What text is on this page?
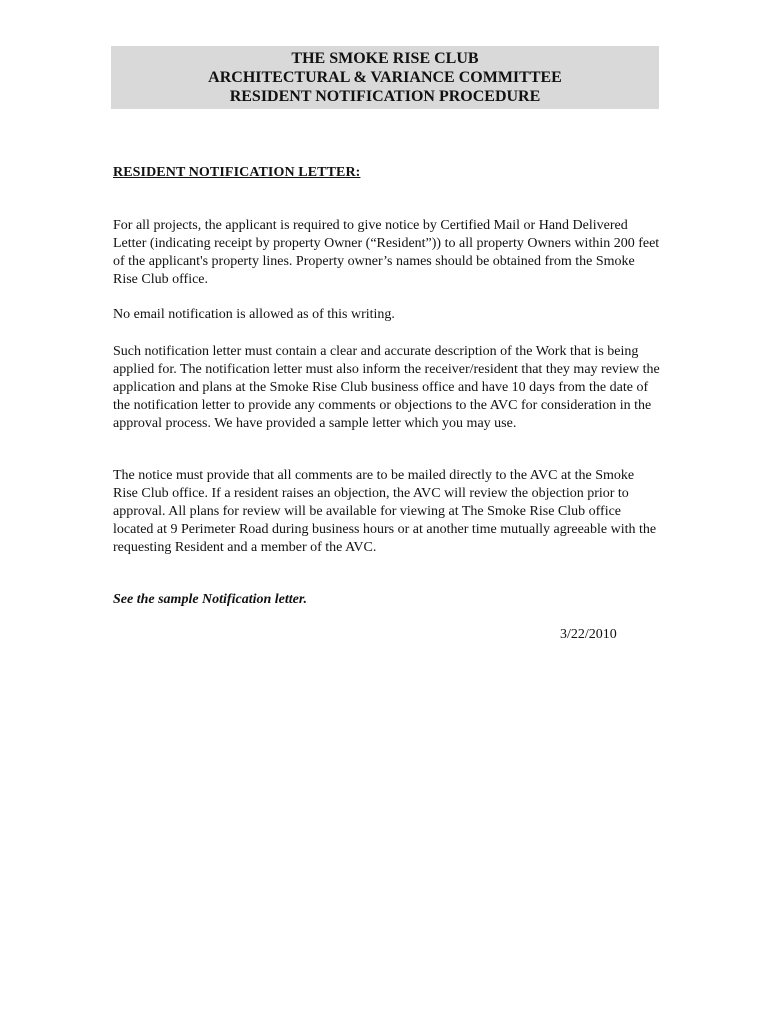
THE SMOKE RISE CLUB
ARCHITECTURAL & VARIANCE COMMITTEE
RESIDENT NOTIFICATION PROCEDURE
RESIDENT NOTIFICATION LETTER:

For all projects, the applicant is required to give notice by Certified Mail or Hand Delivered Letter (indicating receipt by property Owner (“Resident”)) to all property Owners within 200 feet of the applicant's property lines. Property owner’s names should be obtained from the Smoke Rise Club office.

No email notification is allowed as of this writing.

Such notification letter must contain a clear and accurate description of the Work that is being applied for. The notification letter must also inform the receiver/resident that they may review the application and plans at the Smoke Rise Club business office and have 10 days from the date of the notification letter to provide any comments or objections to the AVC for consideration in the approval process. We have provided a sample letter which you may use.

The notice must provide that all comments are to be mailed directly to the AVC at the Smoke Rise Club office. If a resident raises an objection, the AVC will review the objection prior to approval. All plans for review will be available for viewing at The Smoke Rise Club office located at 9 Perimeter Road during business hours or at another time mutually agreeable with the requesting Resident and a member of the AVC.

See the sample Notification letter.
3/22/2010
